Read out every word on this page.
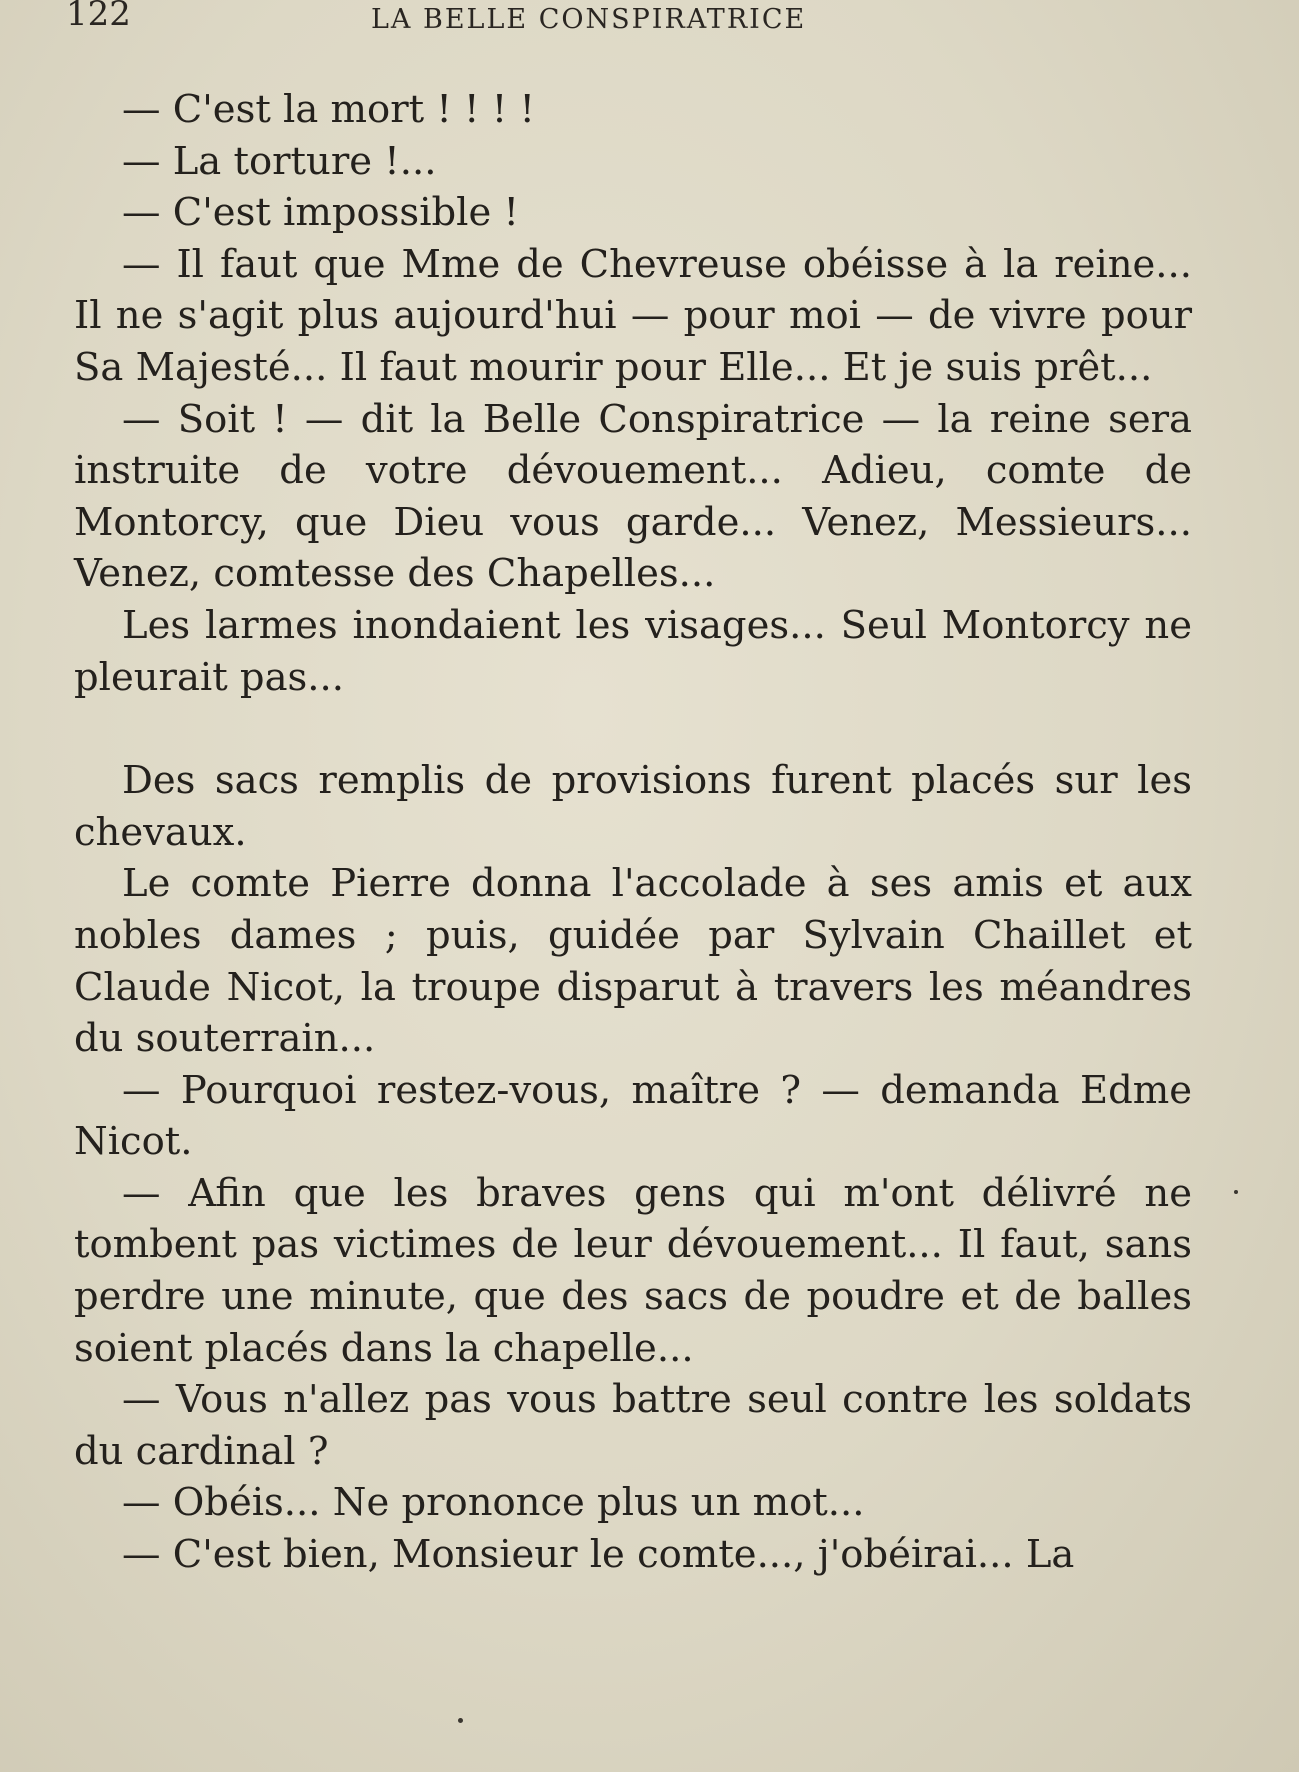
122	LA BELLE CONSPIRATRICE

— C'est la mort ! ! ! !

— La torture !...

— C'est impossible !

— Il faut que Mme de Chevreuse obéisse à la reine... Il ne s'agit plus aujourd'hui — pour moi — de vivre pour Sa Majesté... Il faut mourir pour Elle... Et je suis prêt...

— Soit ! — dit la Belle Conspiratrice — la reine sera instruite de votre dévouement... Adieu, comte de Montorcy, que Dieu vous garde... Venez, Messieurs... Venez, comtesse des Chapelles...

Les larmes inondaient les visages... Seul Montorcy ne pleurait pas...

Des sacs remplis de provisions furent placés sur les chevaux.

Le comte Pierre donna l'accolade à ses amis et aux nobles dames ; puis, guidée par Sylvain Chaillet et Claude Nicot, la troupe disparut à travers les méandres du souterrain...

— Pourquoi restez-vous, maître ? — demanda Edme Nicot.

— Afin que les braves gens qui m'ont délivré ne tombent pas victimes de leur dévouement... Il faut, sans perdre une minute, que des sacs de poudre et de balles soient placés dans la chapelle...

— Vous n'allez pas vous battre seul contre les soldats du cardinal ?

— Obéis... Ne prononce plus un mot...

— C'est bien, Monsieur le comte..., j'obéirai... La
